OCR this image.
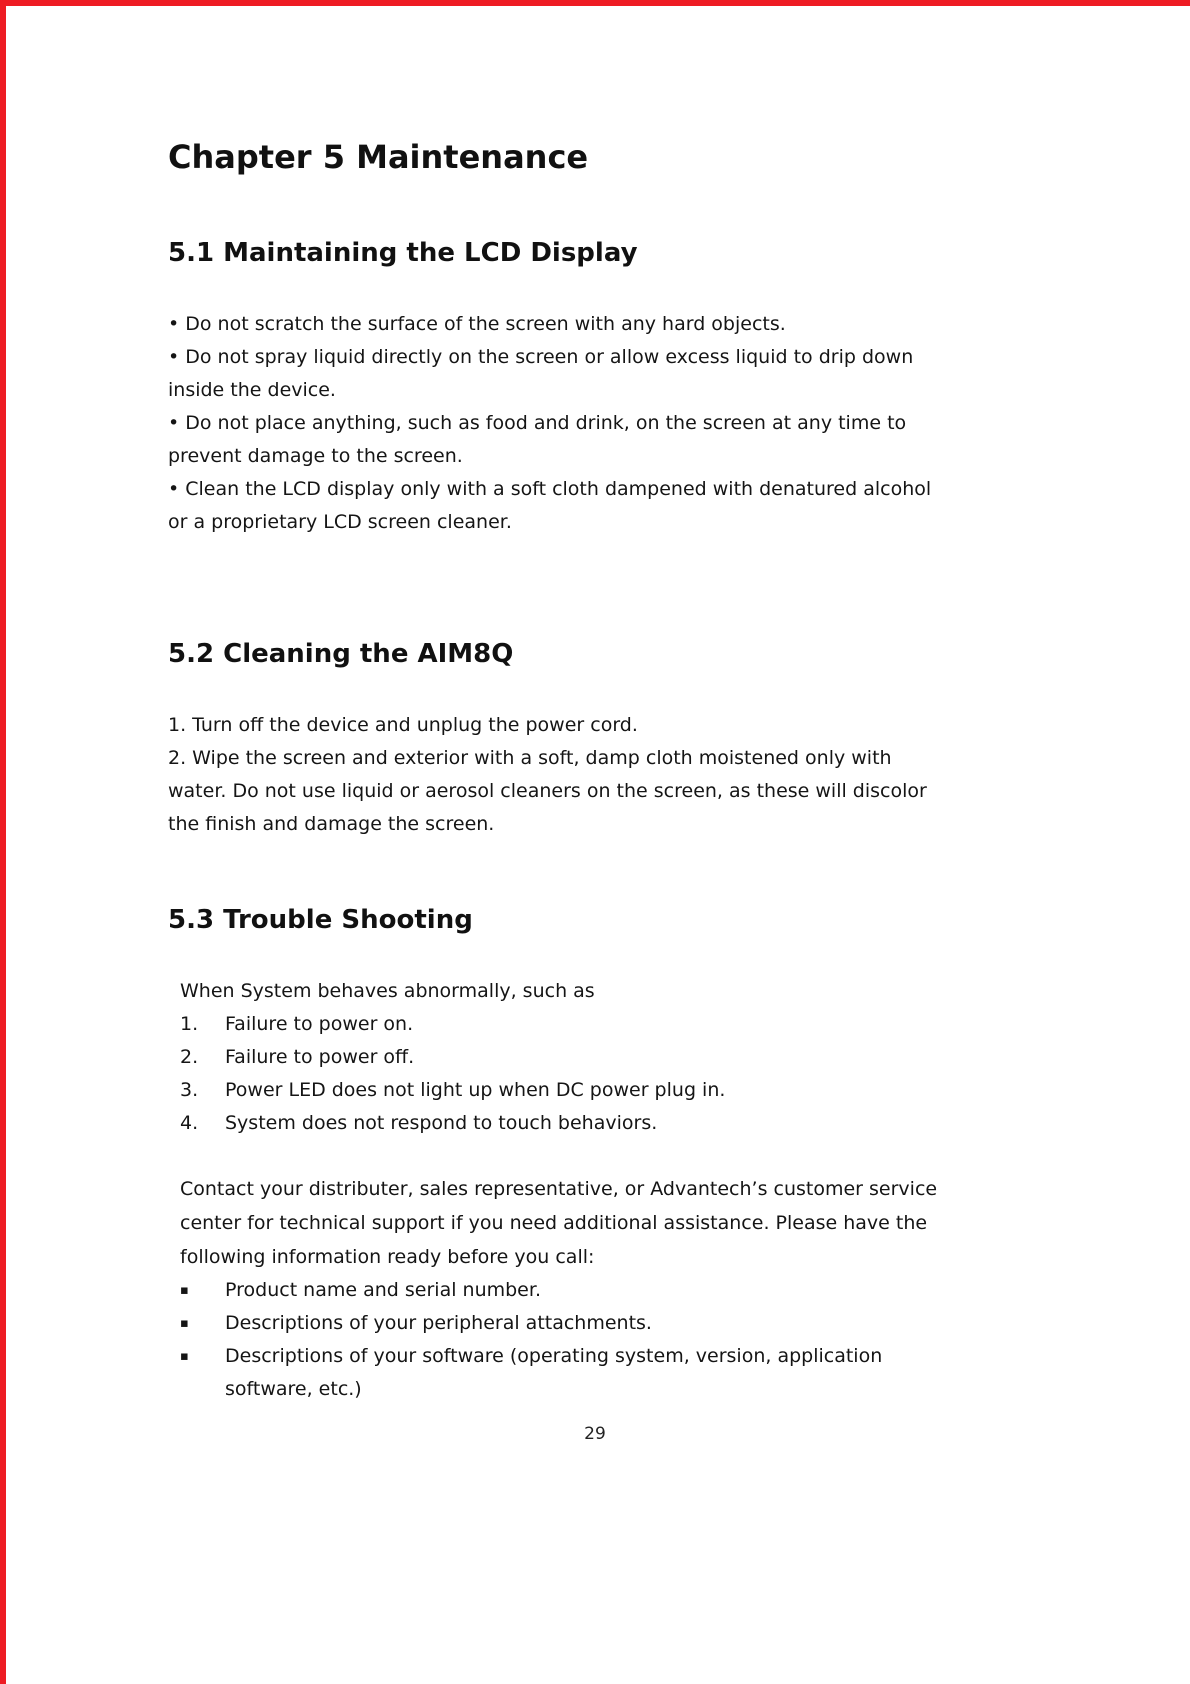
Chapter 5 Maintenance
5.1 Maintaining the LCD Display

• Do not scratch the surface of the screen with any hard objects.

• Do not spray liquid directly on the screen or allow excess liquid to drip down inside the device.

• Do not place anything, such as food and drink, on the screen at any time to prevent damage to the screen.

• Clean the LCD display only with a soft cloth dampened with denatured alcohol or a proprietary LCD screen cleaner.

5.2 Cleaning the AIM8Q

1. Turn off the device and unplug the power cord.

2. Wipe the screen and exterior with a soft, damp cloth moistened only with water. Do not use liquid or aerosol cleaners on the screen, as these will discolor the finish and damage the screen.

5.3 Trouble Shooting

When System behaves abnormally, such as

1.	Failure to power on.
2.	Failure to power off.
3.	Power LED does not light up when DC power plug in.
4.	System does not respond to touch behaviors.

Contact your distributer, sales representative, or Advantech’s customer service center for technical support if you need additional assistance. Please have the following information ready before you call:

▪	Product name and serial number.
▪	Descriptions of your peripheral attachments.
▪	Descriptions of your software (operating system, version, application software, etc.)
29
